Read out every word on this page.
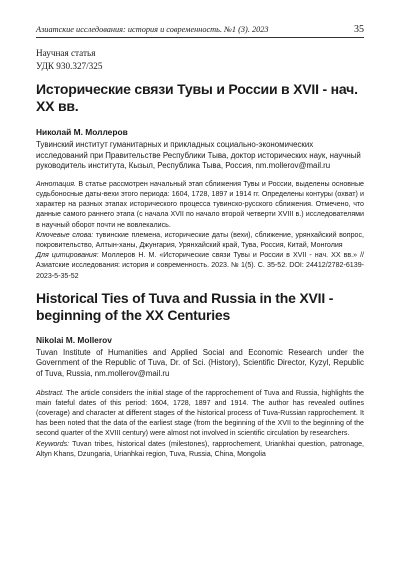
Азиатские исследования: история и современность. №1 (3). 2023	35
Научная статья
УДК 930.327/325
Исторические связи Тувы и России в XVII - нач. XX вв.
Николай М. Моллеров
Тувинский институт гуманитарных и прикладных социально-экономических исследований при Правительстве Республики Тыва, доктор исторических наук, научный руководитель института, Кызыл, Республика Тыва, Россия, nm.mollerov@mail.ru
Аннотация. В статье рассмотрен начальный этап сближения Тувы и России, выделены основные судьбоносные даты-вехи этого периода: 1604, 1728, 1897 и 1914 гг. Определены контуры (охват) и характер на разных этапах исторического процесса тувинско-русского сближения. Отмечено, что данные самого раннего этапа (с начала XVII по начало второй четверти XVIII в.) исследователями в научный оборот почти не вовлекались.
Ключевые слова: тувинские племена, исторические даты (вехи), сближение, урянхайский вопрос, покровительство, Алтын-ханы, Джунгария, Урянхайский край, Тува, Россия, Китай, Монголия
Для цитирования: Моллеров Н. М. «Исторические связи Тувы и России в XVII - нач. XX вв.» // Азиатские исследования: история и современность. 2023. № 1(5). С. 35-52. DOI: 24412/2782-6139-2023-5-35-52
Historical Ties of Tuva and Russia in the XVII - beginning of the XX Centuries
Nikolai M. Mollerov
Tuvan Institute of Humanities and Applied Social and Economic Research under the Government of the Republic of Tuva, Dr. of Sci. (History), Scientific Director, Kyzyl, Republic of Tuva, Russia, nm.mollerov@mail.ru
Abstract. The article considers the initial stage of the rapprochement of Tuva and Russia, highlights the main fateful dates of this period: 1604, 1728, 1897 and 1914. The author has revealed outlines (coverage) and character at different stages of the historical process of Tuva-Russian rapprochement. It has been noted that the data of the earliest stage (from the beginning of the XVII to the beginning of the second quarter of the XVIII century) were almost not involved in scientific circulation by researchers.
Keywords: Tuvan tribes, historical dates (milestones), rapprochement, Uriankhai question, patronage, Altyn Khans, Dzungaria, Urianhkai region, Tuva, Russia, China, Mongolia
